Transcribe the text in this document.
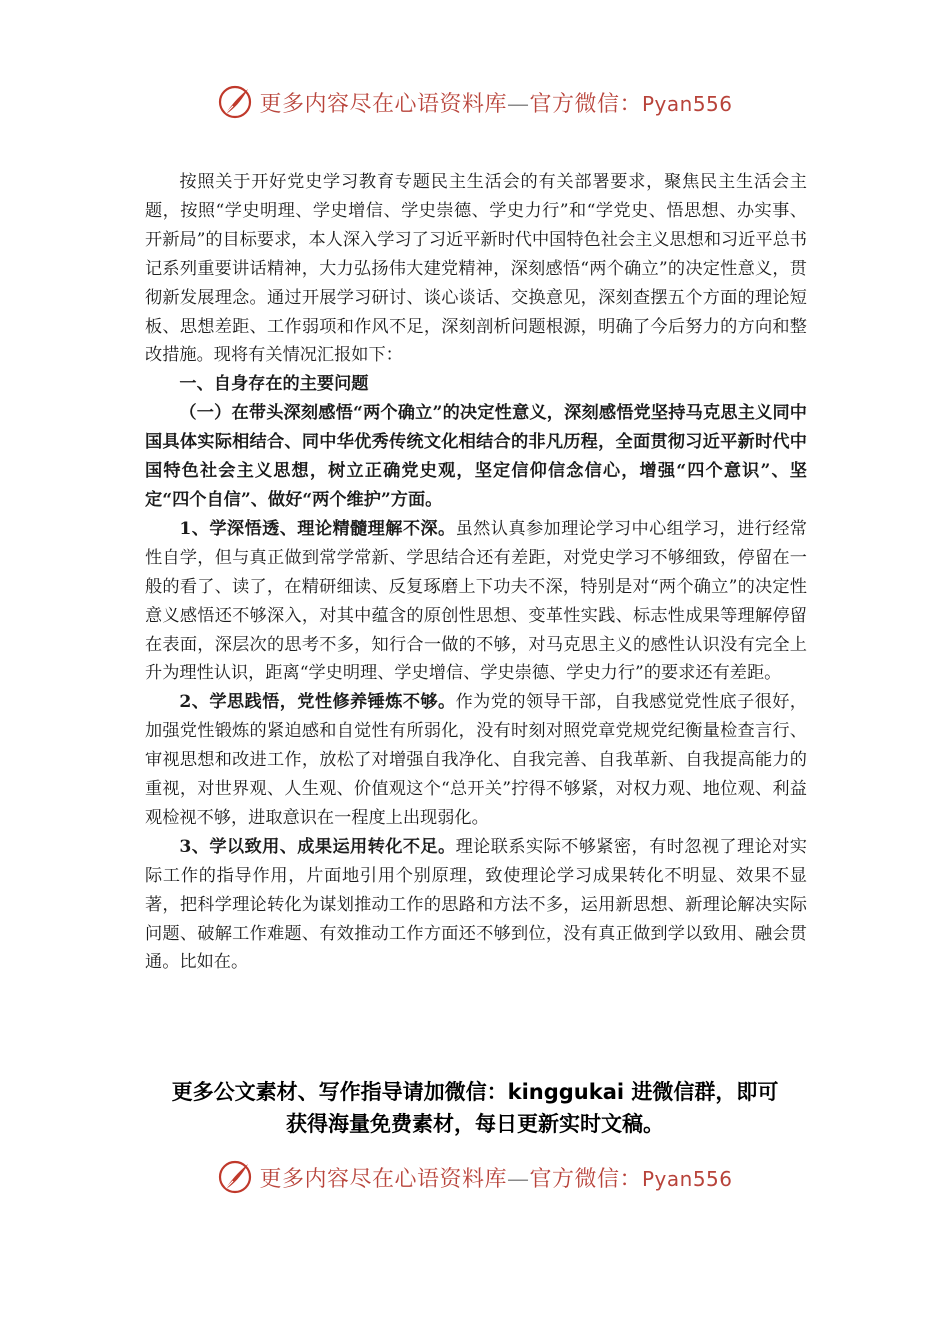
更多内容尽在心语资料库—官方微信：Pyan556

按照关于开好党史学习教育专题民主生活会的有关部署要求，聚焦民主生活会主题，按照“学史明理、学史增信、学史崇德、学史力行”和“学党史、悟思想、办实事、开新局”的目标要求，本人深入学习了习近平新时代中国特色社会主义思想和习近平总书记系列重要讲话精神，大力弘扬伟大建党精神，深刻感悟“两个确立”的决定性意义，贯彻新发展理念。通过开展学习研讨、谈心谈话、交换意见，深刻查摆五个方面的理论短板、思想差距、工作弱项和作风不足，深刻剖析问题根源，明确了今后努力的方向和整改措施。现将有关情况汇报如下：

一、自身存在的主要问题

（一）在带头深刻感悟“两个确立”的决定性意义，深刻感悟党坚持马克思主义同中国具体实际相结合、同中华优秀传统文化相结合的非凡历程，全面贯彻习近平新时代中国特色社会主义思想，树立正确党史观，坚定信仰信念信心，增强“四个意识”、坚定“四个自信”、做好“两个维护”方面。

1、学深悟透、理论精髓理解不深。虽然认真参加理论学习中心组学习，进行经常性自学，但与真正做到常学常新、学思结合还有差距，对党史学习不够细致，停留在一般的看了、读了，在精研细读、反复琢磨上下功夫不深，特别是对“两个确立”的决定性意义感悟还不够深入，对其中蕴含的原创性思想、变革性实践、标志性成果等理解停留在表面，深层次的思考不多，知行合一做的不够，对马克思主义的感性认识没有完全上升为理性认识，距离“学史明理、学史增信、学史崇德、学史力行”的要求还有差距。

2、学思践悟，党性修养锤炼不够。作为党的领导干部，自我感觉党性底子很好，加强党性锻炼的紧迫感和自觉性有所弱化，没有时刻对照党章党规党纪衡量检查言行、审视思想和改进工作，放松了对增强自我净化、自我完善、自我革新、自我提高能力的重视，对世界观、人生观、价值观这个“总开关”拧得不够紧，对权力观、地位观、利益观检视不够，进取意识在一程度上出现弱化。

3、学以致用、成果运用转化不足。理论联系实际不够紧密，有时忽视了理论对实际工作的指导作用，片面地引用个别原理，致使理论学习成果转化不明显、效果不显著，把科学理论转化为谋划推动工作的思路和方法不多，运用新思想、新理论解决实际问题、破解工作难题、有效推动工作方面还不够到位，没有真正做到学以致用、融会贯通。比如在。

更多公文素材、写作指导请加微信：kinggukai 进微信群，即可
获得海量免费素材，每日更新实时文稿。
更多内容尽在心语资料库—官方微信：Pyan556
